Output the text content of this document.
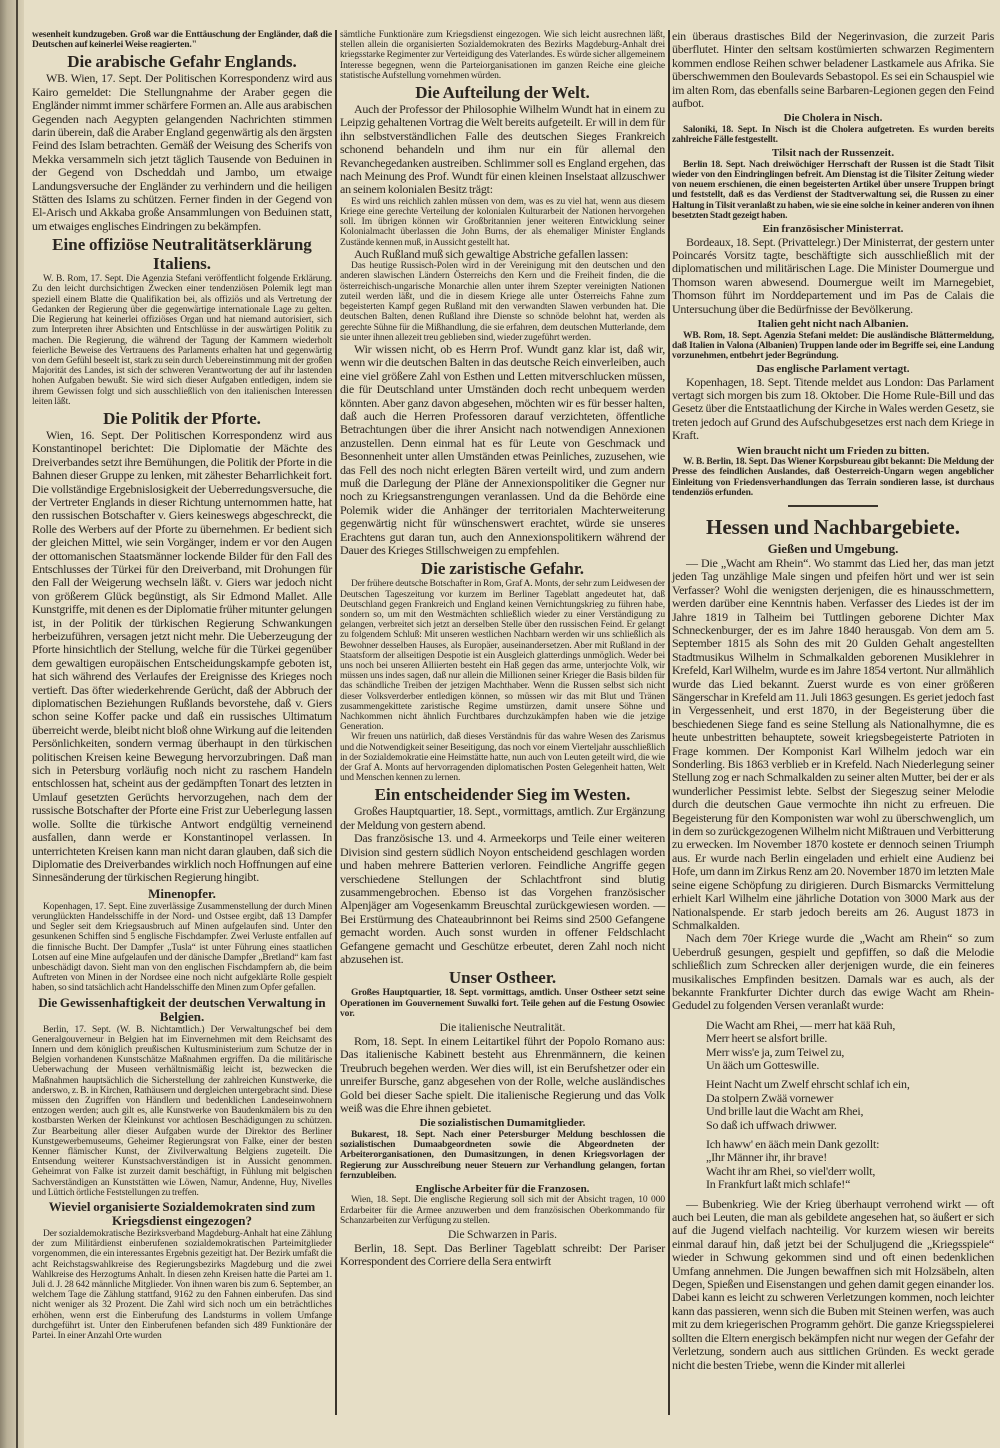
wesenheit kundzugeben. Groß war die Enttäuschung der Engländer, daß die Deutschen auf keinerlei Weise reagierten."

Die arabische Gefahr Englands.

WB. Wien, 17. Sept. Der Politischen Korrespondenz wird aus Kairo gemeldet: Die Stellungnahme der Araber gegen die Engländer nimmt immer schärfere Formen an. Alle aus arabischen Gegenden nach Aegypten gelangenden Nachrichten stimmen darin überein, daß die Araber England gegenwärtig als den ärgsten Feind des Islam betrachten. Gemäß der Weisung des Scherifs von Mekka versammeln sich jetzt täglich Tausende von Beduinen in der Gegend von Dscheddah und Jambo, um etwaige Landungsversuche der Engländer zu verhindern und die heiligen Stätten des Islams zu schützen. Ferner finden in der Gegend von El-Arisch und Akkaba große Ansammlungen von Beduinen statt, um etwaiges englisches Eindringen zu bekämpfen.

Eine offiziöse Neutralitätserklärung Italiens.

W. B. Rom, 17. Sept. Die Agenzia Stefani veröffentlicht folgende Erklärung. Zu den leicht durchsichtigen Zwecken einer tendenziösen Polemik legt man speziell einem Blatte die Qualifikation bei, als offiziös und als Vertretung der Gedanken der Regierung über die gegenwärtige internationale Lage zu gelten. Die Regierung hat keinerlei offiziöses Organ und hat niemand autorisiert, sich zum Interpreten ihrer Absichten und Entschlüsse in der auswärtigen Politik zu machen. Die Regierung, die während der Tagung der Kammern wiederholt feierliche Beweise des Vertrauens des Parlaments erhalten hat und gegenwärtig von dem Gefühl beseelt ist, stark zu sein durch Uebereinstimmung mit der großen Majorität des Landes, ist sich der schweren Verantwortung der auf ihr lastenden hohen Aufgaben bewußt. Sie wird sich dieser Aufgaben entledigen, indem sie ihrem Gewissen folgt und sich ausschließlich von den italienischen Interessen leiten läßt.

Die Politik der Pforte.

Wien, 16. Sept. Der Politischen Korrespondenz wird aus Konstantinopel berichtet: Die Diplomatie der Mächte des Dreiverbandes setzt ihre Bemühungen, die Politik der Pforte in die Bahnen dieser Gruppe zu lenken, mit zähester Beharrlichkeit fort. Die vollständige Ergebnislosigkeit der Ueberredungsversuche, die der Vertreter Englands in dieser Richtung unternommen hatte, hat den russischen Botschafter v. Giers keineswegs abgeschreckt, die Rolle des Werbers auf der Pforte zu übernehmen. Er bedient sich der gleichen Mittel, wie sein Vorgänger, indem er vor den Augen der ottomanischen Staatsmänner lockende Bilder für den Fall des Entschlusses der Türkei für den Dreiverband, mit Drohungen für den Fall der Weigerung wechseln läßt. v. Giers war jedoch nicht von größerem Glück begünstigt, als Sir Edmond Mallet. Alle Kunstgriffe, mit denen es der Diplomatie früher mitunter gelungen ist, in der Politik der türkischen Regierung Schwankungen herbeizuführen, versagen jetzt nicht mehr. Die Ueberzeugung der Pforte hinsichtlich der Stellung, welche für die Türkei gegenüber dem gewaltigen europäischen Entscheidungskampfe geboten ist, hat sich während des Verlaufes der Ereignisse des Krieges noch vertieft. Das öfter wiederkehrende Gerücht, daß der Abbruch der diplomatischen Beziehungen Rußlands bevorstehe, daß v. Giers schon seine Koffer packe und daß ein russisches Ultimatum überreicht werde, bleibt nicht bloß ohne Wirkung auf die leitenden Persönlichkeiten, sondern vermag überhaupt in den türkischen politischen Kreisen keine Bewegung hervorzubringen. Daß man sich in Petersburg vorläufig noch nicht zu raschem Handeln entschlossen hat, scheint aus der gedämpften Tonart des letzten in Umlauf gesetzten Gerüchts hervorzugehen, nach dem der russische Botschafter der Pforte eine Frist zur Ueberlegung lassen wolle. Sollte die türkische Antwort endgültig verneinend ausfallen, dann werde er Konstantinopel verlassen. In unterrichteten Kreisen kann man nicht daran glauben, daß sich die Diplomatie des Dreiverbandes wirklich noch Hoffnungen auf eine Sinnesänderung der türkischen Regierung hingibt.

Minenopfer.

Kopenhagen, 17. Sept. Eine zuverlässige Zusammenstellung der durch Minen verunglückten Handelsschiffe in der Nord- und Ostsee ergibt, daß 13 Dampfer und Segler seit dem Kriegsausbruch auf Minen aufgelaufen sind. Unter den gesunkenen Schiffen sind 5 englische Fischdampfer. Zwei Verluste entfallen auf die finnische Bucht. Der Dampfer „Tusla“ ist unter Führung eines staatlichen Lotsen auf eine Mine aufgelaufen und der dänische Dampfer „Bretland“ kam fast unbeschädigt davon. Sieht man von den englischen Fischdampfern ab, die beim Auftreten von Minen in der Nordsee eine noch nicht aufgeklärte Rolle gespielt haben, so sind tatsächlich acht Handelsschiffe den Minen zum Opfer gefallen.

Die Gewissenhaftigkeit der deutschen Verwaltung in Belgien.

Berlin, 17. Sept. (W. B. Nichtamtlich.) Der Verwaltungschef bei dem Generalgouverneur in Belgien hat im Einvernehmen mit dem Reichsamt des Innern und dem königlich preußischen Kultusministerium zum Schutze der in Belgien vorhandenen Kunstschätze Maßnahmen ergriffen. Da die militärische Ueberwachung der Museen verhältnismäßig leicht ist, bezwecken die Maßnahmen hauptsächlich die Sicherstellung der zahlreichen Kunstwerke, die anderswo, z. B. in Kirchen, Rathäusern und dergleichen untergebracht sind. Diese müssen den Zugriffen von Händlern und bedenklichen Landeseinwohnern entzogen werden; auch gilt es, alle Kunstwerke von Baudenkmälern bis zu den kostbarsten Werken der Kleinkunst vor achtlosen Beschädigungen zu schützen. Zur Bearbeitung aller dieser Aufgaben wurde der Direktor des Berliner Kunstgewerbemuseums, Geheimer Regierungsrat von Falke, einer der besten Kenner flämischer Kunst, der Zivilverwaltung Belgiens zugeteilt. Die Entsendung weiterer Kunstsachverständigen ist in Aussicht genommen. Geheimrat von Falke ist zurzeit damit beschäftigt, in Fühlung mit belgischen Sachverständigen an Kunststätten wie Löwen, Namur, Andenne, Huy, Nivelles und Lüttich örtliche Feststellungen zu treffen.

Wieviel organisierte Sozialdemokraten sind zum Kriegsdienst eingezogen?

Der sozialdemokratische Bezirksverband Magdeburg-Anhalt hat eine Zählung der zum Militärdienst einberufenen sozialdemokratischen Parteimitglieder vorgenommen, die ein interessantes Ergebnis gezeitigt hat. Der Bezirk umfaßt die acht Reichstagswahlkreise des Regierungsbezirks Magdeburg und die zwei Wahlkreise des Herzogtums Anhalt. In diesen zehn Kreisen hatte die Partei am 1. Juli d. J. 28 642 männliche Mitglieder. Von ihnen waren bis zum 6. September, an welchem Tage die Zählung stattfand, 9162 zu den Fahnen einberufen. Das sind nicht weniger als 32 Prozent. Die Zahl wird sich noch um ein beträchtliches erhöhen, wenn erst die Einberufung des Landsturms in vollem Umfange durchgeführt ist. Unter den Einberufenen befanden sich 489 Funktionäre der Partei. In einer Anzahl Orte wurden

sämtliche Funktionäre zum Kriegsdienst eingezogen. Wie sich leicht ausrechnen läßt, stellen allein die organisierten Sozialdemokraten des Bezirks Magdeburg-Anhalt drei kriegsstarke Regimenter zur Verteidigung des Vaterlandes. Es würde sicher allgemeinem Interesse begegnen, wenn die Parteiorganisationen im ganzen Reiche eine gleiche statistische Aufstellung vornehmen würden.

Die Aufteilung der Welt.

Auch der Professor der Philosophie Wilhelm Wundt hat in einem zu Leipzig gehaltenen Vortrag die Welt bereits aufgeteilt. Er will in dem für ihn selbstverständlichen Falle des deutschen Sieges Frankreich schonend behandeln und ihm nur ein für allemal den Revanchegedanken austreiben. Schlimmer soll es England ergehen, das nach Meinung des Prof. Wundt für einen kleinen Inselstaat allzuschwer an seinem kolonialen Besitz trägt:

Es wird uns reichlich zahlen müssen von dem, was es zu viel hat, wenn aus diesem Kriege eine gerechte Verteilung der kolonialen Kulturarbeit der Nationen hervorgehen soll. Im übrigen können wir Großbritannien jener weiteren Entwicklung seiner Kolonialmacht überlassen die John Burns, der als ehemaliger Minister Englands Zustände kennen muß, in Aussicht gestellt hat.

Auch Rußland muß sich gewaltige Abstriche gefallen lassen:

Das heutige Russisch-Polen wird in der Vereinigung mit den deutschen und den anderen slawischen Ländern Österreichs den Kern und die Freiheit finden, die die österreichisch-ungarische Monarchie allen unter ihrem Szepter vereinigten Nationen zuteil werden läßt, und die in diesem Kriege alle unter Österreichs Fahne zum begeisterten Kampf gegen Rußland mit den verwandten Slawen verbunden hat. Die deutschen Balten, denen Rußland ihre Dienste so schnöde belohnt hat, werden als gerechte Sühne für die Mißhandlung, die sie erfahren, dem deutschen Mutterlande, dem sie unter ihnen allezeit treu geblieben sind, wieder zugeführt werden.

Wir wissen nicht, ob es Herrn Prof. Wundt ganz klar ist, daß wir, wenn wir die deutschen Balten in das deutsche Reich einverleiben, auch eine viel größere Zahl von Esthen und Letten mitverschlucken müssen, die für Deutschland unter Umständen doch recht unbequem werden könnten. Aber ganz davon abgesehen, möchten wir es für besser halten, daß auch die Herren Professoren darauf verzichteten, öffentliche Betrachtungen über die ihrer Ansicht nach notwendigen Annexionen anzustellen. Denn einmal hat es für Leute von Geschmack und Besonnenheit unter allen Umständen etwas Peinliches, zuzusehen, wie das Fell des noch nicht erlegten Bären verteilt wird, und zum andern muß die Darlegung der Pläne der Annexionspolitiker die Gegner nur noch zu Kriegsanstrengungen veranlassen. Und da die Behörde eine Polemik wider die Anhänger der territorialen Machterweiterung gegenwärtig nicht für wünschenswert erachtet, würde sie unseres Erachtens gut daran tun, auch den Annexionspolitikern während der Dauer des Krieges Stillschweigen zu empfehlen.

Die zaristische Gefahr.

Der frühere deutsche Botschafter in Rom, Graf A. Monts, der sehr zum Leidwesen der Deutschen Tageszeitung vor kurzem im Berliner Tageblatt angedeutet hat, daß Deutschland gegen Frankreich und England keinen Vernichtungskrieg zu führen habe, sondern so, um mit den Westmächten schließlich wieder zu einer Verständigung zu gelangen, verbreitet sich jetzt an derselben Stelle über den russischen Feind. Er gelangt zu folgendem Schluß: Mit unseren westlichen Nachbarn werden wir uns schließlich als Bewohner desselben Hauses, als Europäer, auseinandersetzen. Aber mit Rußland in der Staatsform der allseitigen Despotie ist ein Ausgleich glatterdings unmöglich. Weder bei uns noch bei unseren Alliierten besteht ein Haß gegen das arme, unterjochte Volk, wir müssen uns indes sagen, daß nur allein die Millionen seiner Krieger die Basis bilden für das schändliche Treiben der jetzigen Machthaber. Wenn die Russen selbst sich nicht dieser Volksverderber entledigen können, so müssen wir das mit Blut und Tränen zusammengekittete zaristische Regime umstürzen, damit unsere Söhne und Nachkommen nicht ähnlich Furchtbares durchzukämpfen haben wie die jetzige Generation.

Wir freuen uns natürlich, daß dieses Verständnis für das wahre Wesen des Zarismus und die Notwendigkeit seiner Beseitigung, das noch vor einem Vierteljahr ausschließlich in der Sozialdemokratie eine Heimstätte hatte, nun auch von Leuten geteilt wird, die wie der Graf A. Monts auf hervorragenden diplomatischen Posten Gelegenheit hatten, Welt und Menschen kennen zu lernen.

Ein entscheidender Sieg im Westen.

Großes Hauptquartier, 18. Sept., vormittags, amtlich. Zur Ergänzung der Meldung von gestern abend.

Das französische 13. und 4. Armeekorps und Teile einer weiteren Division sind gestern südlich Noyon entscheidend geschlagen worden und haben mehrere Batterien verloren. Feindliche Angriffe gegen verschiedene Stellungen der Schlachtfront sind blutig zusammengebrochen. Ebenso ist das Vorgehen französischer Alpenjäger am Vogesenkamm Breuschtal zurückgewiesen worden. — Bei Erstürmung des Chateaubrinnont bei Reims sind 2500 Gefangene gemacht worden. Auch sonst wurden in offener Feldschlacht Gefangene gemacht und Geschütze erbeutet, deren Zahl noch nicht abzusehen ist.

Unser Ostheer.

Großes Hauptquartier, 18. Sept. vormittags, amtlich. Unser Ostheer setzt seine Operationen im Gouvernement Suwalki fort. Teile gehen auf die Festung Osowiec vor.

Die italienische Neutralität.

Rom, 18. Sept. In einem Leitartikel führt der Popolo Romano aus: Das italienische Kabinett besteht aus Ehrenmännern, die keinen Treubruch begehen werden. Wer dies will, ist ein Berufshetzer oder ein unreifer Bursche, ganz abgesehen von der Rolle, welche ausländisches Gold bei dieser Sache spielt. Die italienische Regierung und das Volk weiß was die Ehre ihnen gebietet.

Die sozialistischen Dumamitglieder.

Bukarest, 18. Sept. Nach einer Petersburger Meldung beschlossen die sozialistischen Dumaabgeordneten sowie die Abgeordneten der Arbeiterorganisationen, den Dumasitzungen, in denen Kriegsvorlagen der Regierung zur Ausschreibung neuer Steuern zur Verhandlung gelangen, fortan fernzubleiben.

Englische Arbeiter für die Franzosen.

Wien, 18. Sept. Die englische Regierung soll sich mit der Absicht tragen, 10 000 Erdarbeiter für die Armee anzuwerben und dem französischen Oberkommando für Schanzarbeiten zur Verfügung zu stellen.

Die Schwarzen in Paris.

Berlin, 18. Sept. Das Berliner Tageblatt schreibt: Der Pariser Korrespondent des Corriere della Sera entwirft

ein überaus drastisches Bild der Negerinvasion, die zurzeit Paris überflutet. Hinter den seltsam kostümierten schwarzen Regimentern kommen endlose Reihen schwer beladener Lastkamele aus Afrika. Sie überschwemmen den Boulevards Sebastopol. Es sei ein Schauspiel wie im alten Rom, das ebenfalls seine Barbaren-Legionen gegen den Feind aufbot.

Die Cholera in Nisch.

Saloniki, 18. Sept. In Nisch ist die Cholera aufgetreten. Es wurden bereits zahlreiche Fälle festgestellt.

Tilsit nach der Russenzeit.

Berlin 18. Sept. Nach dreiwöchiger Herrschaft der Russen ist die Stadt Tilsit wieder von den Eindringlingen befreit. Am Dienstag ist die Tilsiter Zeitung wieder von neuem erschienen, die einen begeisterten Artikel über unsere Truppen bringt und feststellt, daß es das Verdienst der Stadtverwaltung sei, die Russen zu einer Haltung in Tilsit veranlaßt zu haben, wie sie eine solche in keiner anderen von ihnen besetzten Stadt gezeigt haben.

Ein französischer Ministerrat.

Bordeaux, 18. Sept. (Privattelegr.) Der Ministerrat, der gestern unter Poincarés Vorsitz tagte, beschäftigte sich ausschließlich mit der diplomatischen und militärischen Lage. Die Minister Doumergue und Thomson waren abwesend. Doumergue weilt im Marnegebiet, Thomson führt im Norddepartement und im Pas de Calais die Untersuchung über die Bedürfnisse der Bevölkerung.

Italien geht nicht nach Albanien.

WB. Rom, 18. Sept. Agenzia Stefani meldet: Die ausländische Blättermeldung, daß Italien in Valona (Albanien) Truppen lande oder im Begriffe sei, eine Landung vorzunehmen, entbehrt jeder Begründung.

Das englische Parlament vertagt.

Kopenhagen, 18. Sept. Titende meldet aus London: Das Parlament vertagt sich morgen bis zum 18. Oktober. Die Home Rule-Bill und das Gesetz über die Entstaatlichung der Kirche in Wales werden Gesetz, sie treten jedoch auf Grund des Aufschubgesetzes erst nach dem Kriege in Kraft.

Wien braucht nicht um Frieden zu bitten.

W. B. Berlin, 18. Sept. Das Wiener Korpsbureau gibt bekannt: Die Meldung der Presse des feindlichen Auslandes, daß Oesterreich-Ungarn wegen angeblicher Einleitung von Friedensverhandlungen das Terrain sondieren lasse, ist durchaus tendenziös erfunden.

Hessen und Nachbargebiete.

Gießen und Umgebung.

— Die „Wacht am Rhein“. Wo stammt das Lied her, das man jetzt jeden Tag unzählige Male singen und pfeifen hört und wer ist sein Verfasser? Wohl die wenigsten derjenigen, die es hinausschmettern, werden darüber eine Kenntnis haben. Verfasser des Liedes ist der im Jahre 1819 in Talheim bei Tuttlingen geborene Dichter Max Schneckenburger, der es im Jahre 1840 herausgab. Von dem am 5. September 1815 als Sohn des mit 20 Gulden Gehalt angestellten Stadtmusikus Wilhelm in Schmalkalden geborenen Musiklehrer in Krefeld, Karl Wilhelm, wurde es im Jahre 1854 vertont. Nur allmählich wurde das Lied bekannt. Zuerst wurde es von einer größeren Sängerschar in Krefeld am 11. Juli 1863 gesungen. Es geriet jedoch fast in Vergessenheit, und erst 1870, in der Begeisterung über die beschiedenen Siege fand es seine Stellung als Nationalhymne, die es heute unbestritten behauptete, soweit kriegsbegeisterte Patrioten in Frage kommen. Der Komponist Karl Wilhelm jedoch war ein Sonderling. Bis 1863 verblieb er in Krefeld. Nach Niederlegung seiner Stellung zog er nach Schmalkalden zu seiner alten Mutter, bei der er als wunderlicher Pessimist lebte. Selbst der Siegeszug seiner Melodie durch die deutschen Gaue vermochte ihn nicht zu erfreuen. Die Begeisterung für den Komponisten war wohl zu überschwenglich, um in dem so zurückgezogenen Wilhelm nicht Mißtrauen und Verbitterung zu erwecken. Im November 1870 kostete er dennoch seinen Triumph aus. Er wurde nach Berlin eingeladen und erhielt eine Audienz bei Hofe, um dann im Zirkus Renz am 20. November 1870 im letzten Male seine eigene Schöpfung zu dirigieren. Durch Bismarcks Vermittelung erhielt Karl Wilhelm eine jährliche Dotation von 3000 Mark aus der Nationalspende. Er starb jedoch bereits am 26. August 1873 in Schmalkalden.

Nach dem 70er Kriege wurde die „Wacht am Rhein“ so zum Ueberdruß gesungen, gespielt und gepfiffen, so daß die Melodie schließlich zum Schrecken aller derjenigen wurde, die ein feineres musikalisches Empfinden besitzen. Damals war es auch, als der bekannte Frankfurter Dichter durch das ewige Wacht am Rhein-Gedudel zu folgenden Versen veranlaßt wurde:

Die Wacht am Rhei, — merr hat kää Ruh,
Merr heert se alsfort brille.
Merr wiss'e ja, zum Teiwel zu,
Un ääch um Gotteswille.
Heint Nacht um Zwelf ehrscht schlaf ich ein,
Da stolpern Zwää vornewer
Und brille laut die Wacht am Rhei,
So daß ich uffwach driwwer.
Ich haww' en ääch mein Dank gezollt:
„Ihr Männer ihr, ihr brave!
Wacht ihr am Rhei, so viel'derr wollt,
In Frankfurt laßt mich schlafe!“

— Bubenkrieg. Wie der Krieg überhaupt verrohend wirkt — oft auch bei Leuten, die man als gebildete angesehen hat, so äußert er sich auf die Jugend vielfach nachteilig. Vor kurzem wiesen wir bereits einmal darauf hin, daß jetzt bei der Schuljugend die „Kriegsspiele“ wieder in Schwung gekommen sind und oft einen bedenklichen Umfang annehmen. Die Jungen bewaffnen sich mit Holzsäbeln, alten Degen, Spießen und Eisenstangen und gehen damit gegen einander los. Dabei kann es leicht zu schweren Verletzungen kommen, noch leichter kann das passieren, wenn sich die Buben mit Steinen werfen, was auch mit zu dem kriegerischen Programm gehört. Die ganze Kriegsspielerei sollten die Eltern energisch bekämpfen nicht nur wegen der Gefahr der Verletzung, sondern auch aus sittlichen Gründen. Es weckt gerade nicht die besten Triebe, wenn die Kinder mit allerlei
